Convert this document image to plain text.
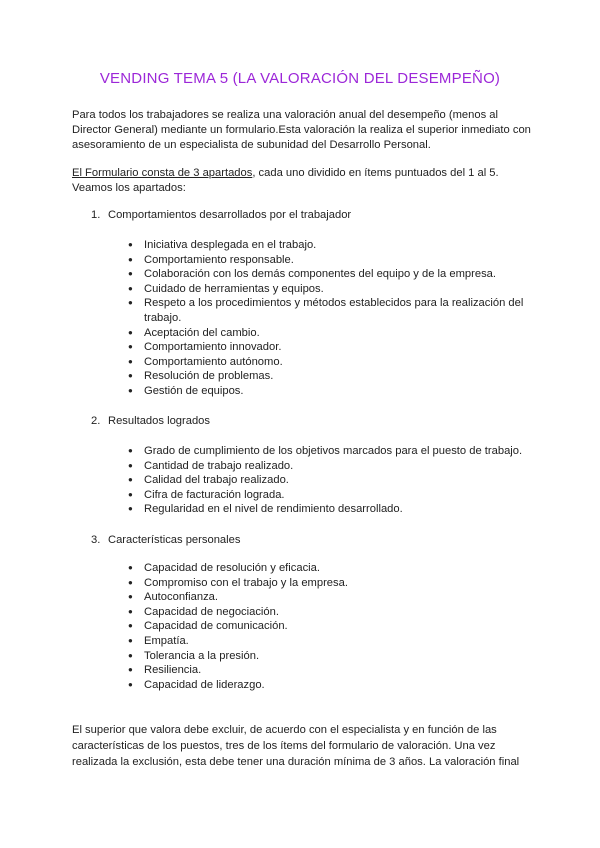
VENDING TEMA 5 (LA VALORACIÓN DEL DESEMPEÑO)
Para todos los trabajadores se realiza una valoración anual del desempeño (menos al Director General) mediante un formulario.Esta valoración la realiza el superior inmediato con asesoramiento de un especialista de subunidad del Desarrollo Personal.
El Formulario consta de 3 apartados, cada uno dividido en ítems puntuados del 1 al 5. Veamos los apartados:
1. Comportamientos desarrollados por el trabajador
● Iniciativa desplegada en el trabajo.
● Comportamiento responsable.
● Colaboración con los demás componentes del equipo y de la empresa.
● Cuidado de herramientas y equipos.
● Respeto a los procedimientos y métodos establecidos para la realización del trabajo.
● Aceptación del cambio.
● Comportamiento innovador.
● Comportamiento autónomo.
● Resolución de problemas.
● Gestión de equipos.
2. Resultados logrados
● Grado de cumplimiento de los objetivos marcados para el puesto de trabajo.
● Cantidad de trabajo realizado.
● Calidad del trabajo realizado.
● Cifra de facturación lograda.
● Regularidad en el nivel de rendimiento desarrollado.
3. Características personales
● Capacidad de resolución y eficacia.
● Compromiso con el trabajo y la empresa.
● Autoconfianza.
● Capacidad de negociación.
● Capacidad de comunicación.
● Empatía.
● Tolerancia a la presión.
● Resiliencia.
● Capacidad de liderazgo.
El superior que valora debe excluir, de acuerdo con el especialista y en función de las características de los puestos, tres de los ítems del formulario de valoración. Una vez realizada la exclusión, esta debe tener una duración mínima de 3 años. La valoración final
